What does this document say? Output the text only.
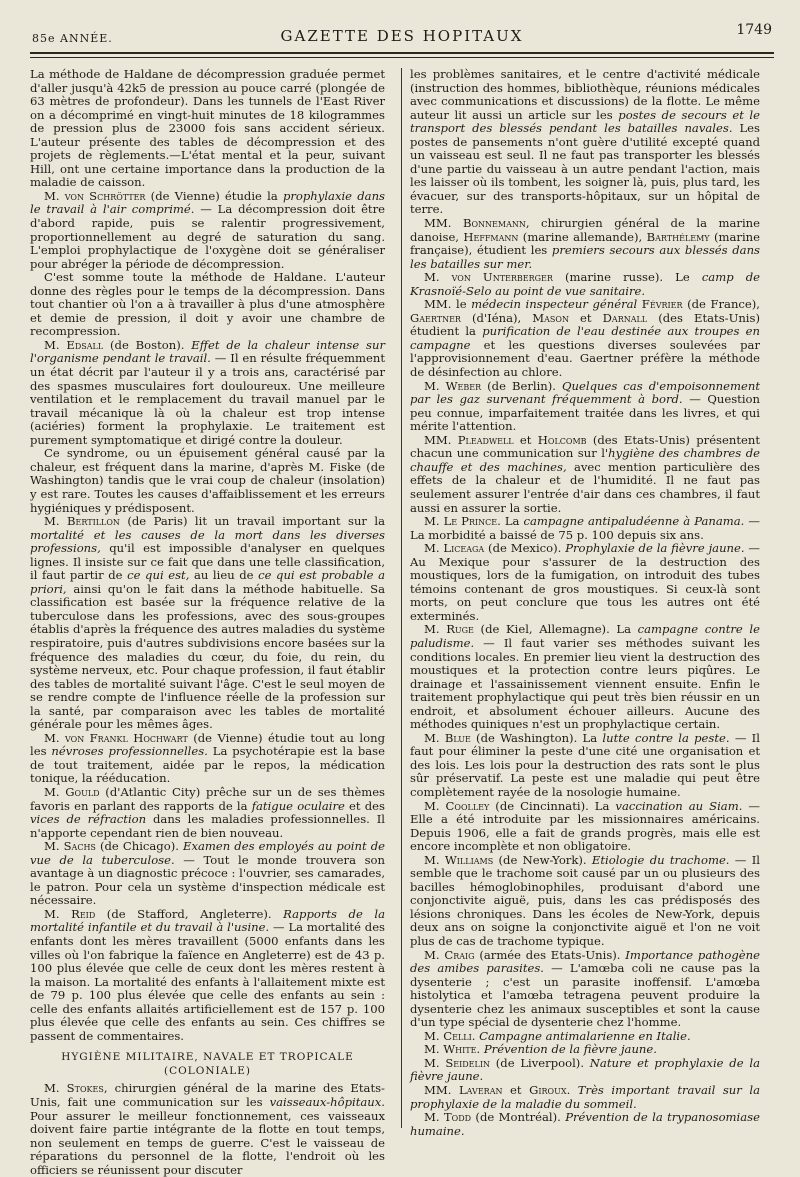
85e ANNÉE.	GAZETTE DES HOPITAUX	1749

La méthode de Haldane de décompression graduée permet d'aller jusqu'à 42k5 de pression au pouce carré (plongée de 63 mètres de profondeur). Dans les tunnels de l'East River on a décomprimé en vingt-huit minutes de 18 kilogrammes de pression plus de 23000 fois sans accident sérieux. L'auteur présente des tables de décompression et des projets de règlements.—L'état mental et la peur, suivant Hill, ont une certaine importance dans la production de la maladie de caisson.

M. von Schrötter (de Vienne) étudie la prophylaxie dans le travail à l'air comprimé. — La décompression doit être d'abord rapide, puis se ralentir progressivement, proportionnellement au degré de saturation du sang. L'emploi prophylactique de l'oxygène doit se généraliser pour abréger la période de décompression.

C'est somme toute la méthode de Haldane. L'auteur donne des règles pour le temps de la décompression. Dans tout chantier où l'on a à travailler à plus d'une atmosphère et demie de pression, il doit y avoir une chambre de recompression.

M. Edsall (de Boston). Effet de la chaleur intense sur l'organisme pendant le travail. — Il en résulte fréquemment un état décrit par l'auteur il y a trois ans, caractérisé par des spasmes musculaires fort douloureux. Une meilleure ventilation et le remplacement du travail manuel par le travail mécanique là où la chaleur est trop intense (aciéries) forment la prophylaxie. Le traitement est purement symptomatique et dirigé contre la douleur.

Ce syndrome, ou un épuisement général causé par la chaleur, est fréquent dans la marine, d'après M. Fiske (de Washington) tandis que le vrai coup de chaleur (insolation) y est rare. Toutes les causes d'affaiblissement et les erreurs hygiéniques y prédisposent.

M. Bertillon (de Paris) lit un travail important sur la mortalité et les causes de la mort dans les diverses professions, qu'il est impossible d'analyser en quelques lignes. Il insiste sur ce fait que dans une telle classification, il faut partir de ce qui est, au lieu de ce qui est probable a priori, ainsi qu'on le fait dans la méthode habituelle. Sa classification est basée sur la fréquence relative de la tuberculose dans les professions, avec des sous-groupes établis d'après la fréquence des autres maladies du système respiratoire, puis d'autres subdivisions encore basées sur la fréquence des maladies du cœur, du foie, du rein, du système nerveux, etc. Pour chaque profession, il faut établir des tables de mortalité suivant l'âge. C'est le seul moyen de se rendre compte de l'influence réelle de la profession sur la santé, par comparaison avec les tables de mortalité générale pour les mêmes âges.

M. von Frankl Hochwart (de Vienne) étudie tout au long les névroses professionnelles. La psychotérapie est la base de tout traitement, aidée par le repos, la médication tonique, la rééducation.

M. Gould (d'Atlantic City) prêche sur un de ses thèmes favoris en parlant des rapports de la fatigue oculaire et des vices de réfraction dans les maladies professionnelles. Il n'apporte cependant rien de bien nouveau.

M. Sachs (de Chicago). Examen des employés au point de vue de la tuberculose. — Tout le monde trouvera son avantage à un diagnostic précoce : l'ouvrier, ses camarades, le patron. Pour cela un système d'inspection médicale est nécessaire.

M. Reid (de Stafford, Angleterre). Rapports de la mortalité infantile et du travail à l'usine. — La mortalité des enfants dont les mères travaillent (5000 enfants dans les villes où l'on fabrique la faïence en Angleterre) est de 43 p. 100 plus élevée que celle de ceux dont les mères restent à la maison. La mortalité des enfants à l'allaitement mixte est de 79 p. 100 plus élevée que celle des enfants au sein : celle des enfants allaités artificiellement est de 157 p. 100 plus élevée que celle des enfants au sein. Ces chiffres se passent de commentaires.

HYGIÈNE MILITAIRE, NAVALE ET TROPICALE (COLONIALE)

M. Stokes, chirurgien général de la marine des Etats-Unis, fait une communication sur les vaisseaux-hôpitaux. Pour assurer le meilleur fonctionnement, ces vaisseaux doivent faire partie intégrante de la flotte en tout temps, non seulement en temps de guerre. C'est le vaisseau de réparations du personnel de la flotte, l'endroit où les officiers se réunissent pour discuter

les problèmes sanitaires, et le centre d'activité médicale (instruction des hommes, bibliothèque, réunions médicales avec communications et discussions) de la flotte. Le même auteur lit aussi un article sur les postes de secours et le transport des blessés pendant les batailles navales. Les postes de pansements n'ont guère d'utilité excepté quand un vaisseau est seul. Il ne faut pas transporter les blessés d'une partie du vaisseau à un autre pendant l'action, mais les laisser où ils tombent, les soigner là, puis, plus tard, les évacuer, sur des transports-hôpitaux, sur un hôpital de terre.

MM. Bonnemann, chirurgien général de la marine danoise, Heffmann (marine allemande), Barthélemy (marine française), étudient les premiers secours aux blessés dans les batailles sur mer.

M. von Unterberger (marine russe). Le camp de Krasnoïé-Selo au point de vue sanitaire.

MM. le médecin inspecteur général Février (de France), Gaertner (d'Iéna), Mason et Darnall (des Etats-Unis) étudient la purification de l'eau destinée aux troupes en campagne et les questions diverses soulevées par l'approvisionnement d'eau. Gaertner préfère la méthode de désinfection au chlore.

M. Weber (de Berlin). Quelques cas d'empoisonnement par les gaz survenant fréquemment à bord. — Question peu connue, imparfaitement traitée dans les livres, et qui mérite l'attention.

MM. Pleadwell et Holcomb (des Etats-Unis) présentent chacun une communication sur l'hygiène des chambres de chauffe et des machines, avec mention particulière des effets de la chaleur et de l'humidité. Il ne faut pas seulement assurer l'entrée d'air dans ces chambres, il faut aussi en assurer la sortie.

M. Le Prince. La campagne antipaludéenne à Panama. — La morbidité a baissé de 75 p. 100 depuis six ans.

M. Liceaga (de Mexico). Prophylaxie de la fièvre jaune. — Au Mexique pour s'assurer de la destruction des moustiques, lors de la fumigation, on introduit des tubes témoins contenant de gros moustiques. Si ceux-là sont morts, on peut conclure que tous les autres ont été exterminés.

M. Ruge (de Kiel, Allemagne). La campagne contre le paludisme. — Il faut varier ses méthodes suivant les conditions locales. En premier lieu vient la destruction des moustiques et la protection contre leurs piqûres. Le drainage et l'assainissement viennent ensuite. Enfin le traitement prophylactique qui peut très bien réussir en un endroit, et absolument échouer ailleurs. Aucune des méthodes quiniques n'est un prophylactique certain.

M. Blue (de Washington). La lutte contre la peste. — Il faut pour éliminer la peste d'une cité une organisation et des lois. Les lois pour la destruction des rats sont le plus sûr préservatif. La peste est une maladie qui peut être complètement rayée de la nosologie humaine.

M. Coolley (de Cincinnati). La vaccination au Siam. — Elle a été introduite par les missionnaires américains. Depuis 1906, elle a fait de grands progrès, mais elle est encore incomplète et non obligatoire.

M. Williams (de New-York). Etiologie du trachome. — Il semble que le trachome soit causé par un ou plusieurs des bacilles hémoglobinophiles, produisant d'abord une conjonctivite aiguë, puis, dans les cas prédisposés des lésions chroniques. Dans les écoles de New-York, depuis deux ans on soigne la conjonctivite aiguë et l'on ne voit plus de cas de trachome typique.

M. Craig (armée des Etats-Unis). Importance pathogène des amibes parasites. — L'amœba coli ne cause pas la dysenterie ; c'est un parasite inoffensif. L'amœba histolytica et l'amœba tetragena peuvent produire la dysenterie chez les animaux susceptibles et sont la cause d'un type spécial de dysenterie chez l'homme.

M. Celli. Campagne antimalarienne en Italie.

M. White. Prévention de la fièvre jaune.

M. Seidelin (de Liverpool). Nature et prophylaxie de la fièvre jaune.

MM. Laveran et Giroux. Très important travail sur la prophylaxie de la maladie du sommeil.

M. Todd (de Montréal). Prévention de la trypanosomiase humaine.
